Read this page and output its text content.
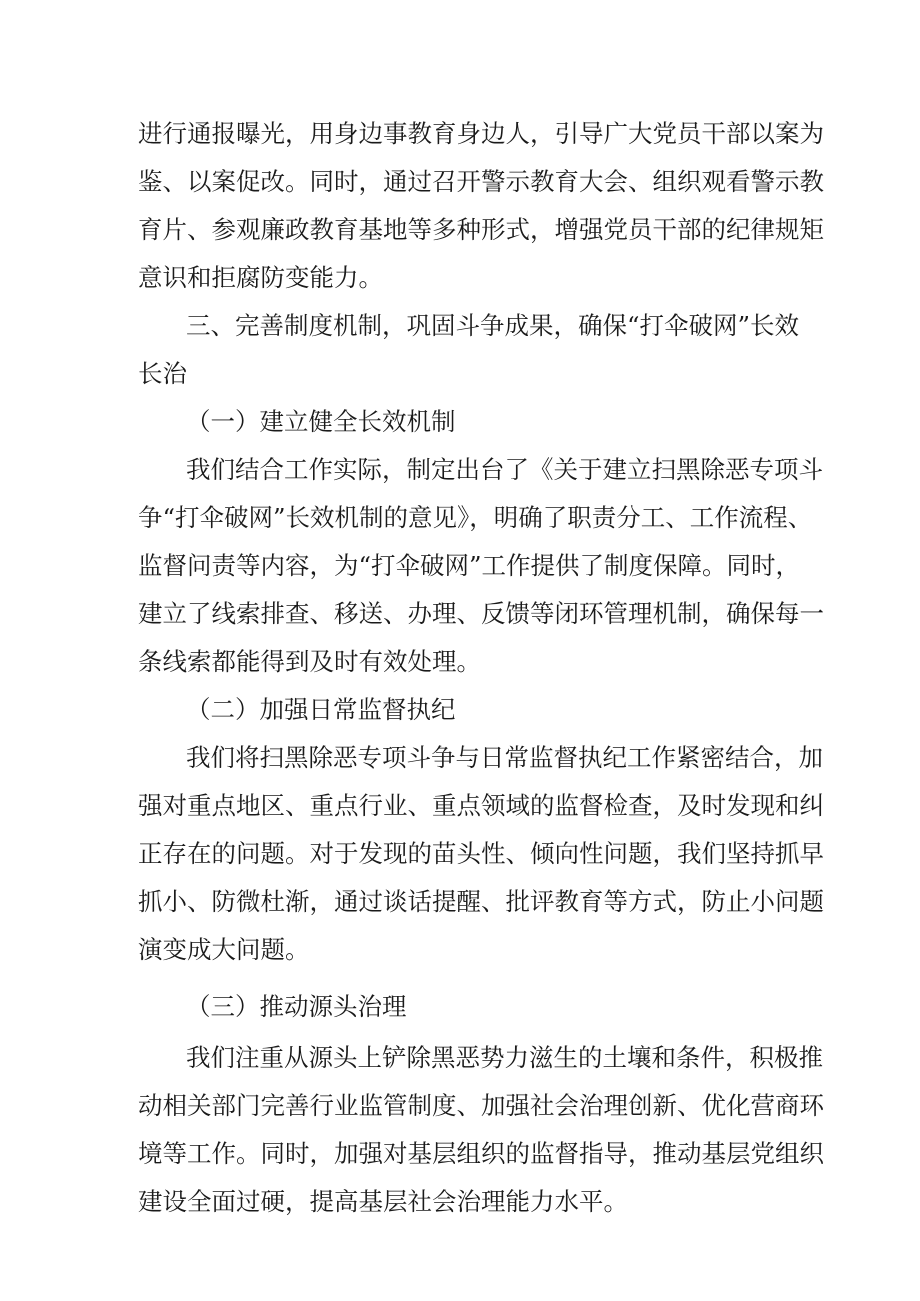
进行通报曝光，用身边事教育身边人，引导广大党员干部以案为
鉴、以案促改。同时，通过召开警示教育大会、组织观看警示教
育片、参观廉政教育基地等多种形式，增强党员干部的纪律规矩
意识和拒腐防变能力。
三、完善制度机制，巩固斗争成果，确保“打伞破网”长效
长治
（一）建立健全长效机制
我们结合工作实际，制定出台了《关于建立扫黑除恶专项斗
争“打伞破网”长效机制的意见》，明确了职责分工、工作流程、
监督问责等内容，为“打伞破网”工作提供了制度保障。同时，
建立了线索排查、移送、办理、反馈等闭环管理机制，确保每一
条线索都能得到及时有效处理。
（二）加强日常监督执纪
我们将扫黑除恶专项斗争与日常监督执纪工作紧密结合，加
强对重点地区、重点行业、重点领域的监督检查，及时发现和纠
正存在的问题。对于发现的苗头性、倾向性问题，我们坚持抓早
抓小、防微杜渐，通过谈话提醒、批评教育等方式，防止小问题
演变成大问题。
（三）推动源头治理
我们注重从源头上铲除黑恶势力滋生的土壤和条件，积极推
动相关部门完善行业监管制度、加强社会治理创新、优化营商环
境等工作。同时，加强对基层组织的监督指导，推动基层党组织
建设全面过硬，提高基层社会治理能力水平。
